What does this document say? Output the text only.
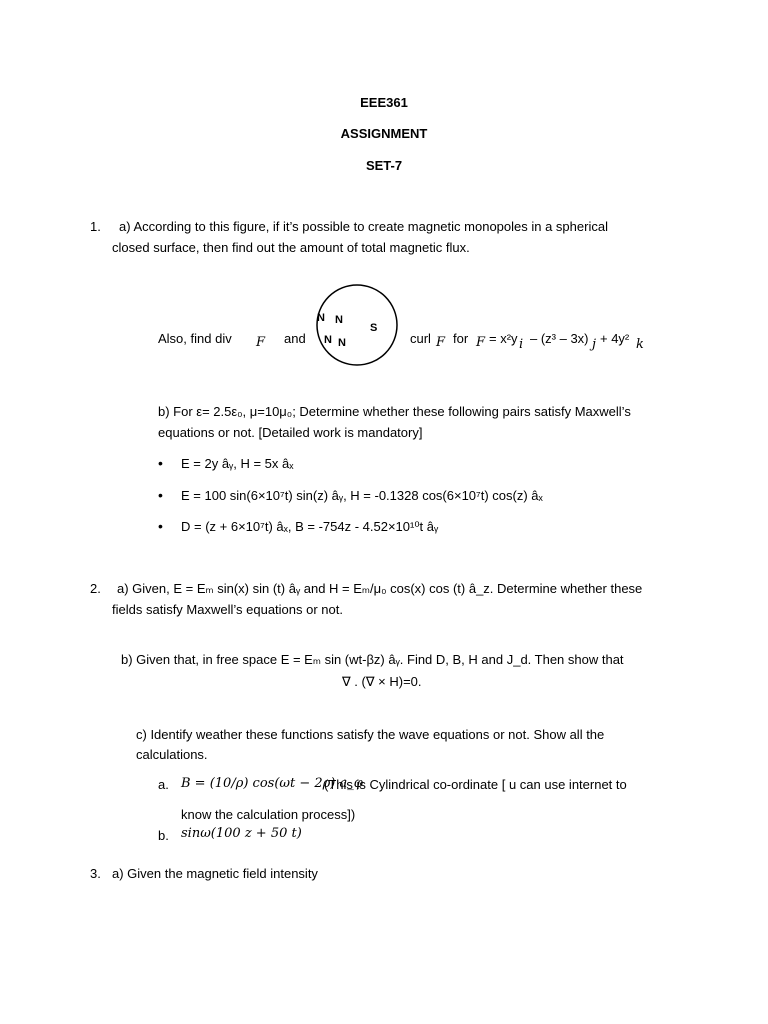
EEE361
ASSIGNMENT
SET-7
1. a) According to this figure, if it’s possible to create magnetic monopoles in a spherical
closed surface, then find out the amount of total magnetic flux.
N N
N N
S
Also, find div F and	curl F for F = x²y i – (z³ – 3x) j + 4y² k
b) For ε= 2.5ε₀, μ=10μ₀; Determine whether these following pairs satisfy Maxwell’s
equations or not. [Detailed work is mandatory]
• E = 2y âᵧ, H = 5x âₓ
• E = 100 sin(6×10⁷t) sin(z) âᵧ, H = -0.1328 cos(6×10⁷t) cos(z) âₓ
• D = (z + 6×10⁷t) âₓ, B = -754z - 4.52×10¹⁰t âᵧ
2. a) Given, E = Eₘ sin(x) sin (t) âᵧ and H = Eₘ/μ₀ cos(x) cos (t) â_z. Determine whether these
fields satisfy Maxwell’s equations or not.
b) Given that, in free space E = Eₘ sin (wt-βz) âᵧ. Find D, B, H and J_d. Then show that
∇ . (∇ × H)=0.
c) Identify weather these functions satisfy the wave equations or not. Show all the
calculations.
a. B = (10/ρ) cos(ωt − 2ρ) a_φ
(This is Cylindrical co-ordinate [ u can use internet to
know the calculation process])
b. sinω(100 z + 50 t)
3. a) Given the magnetic field intensity
